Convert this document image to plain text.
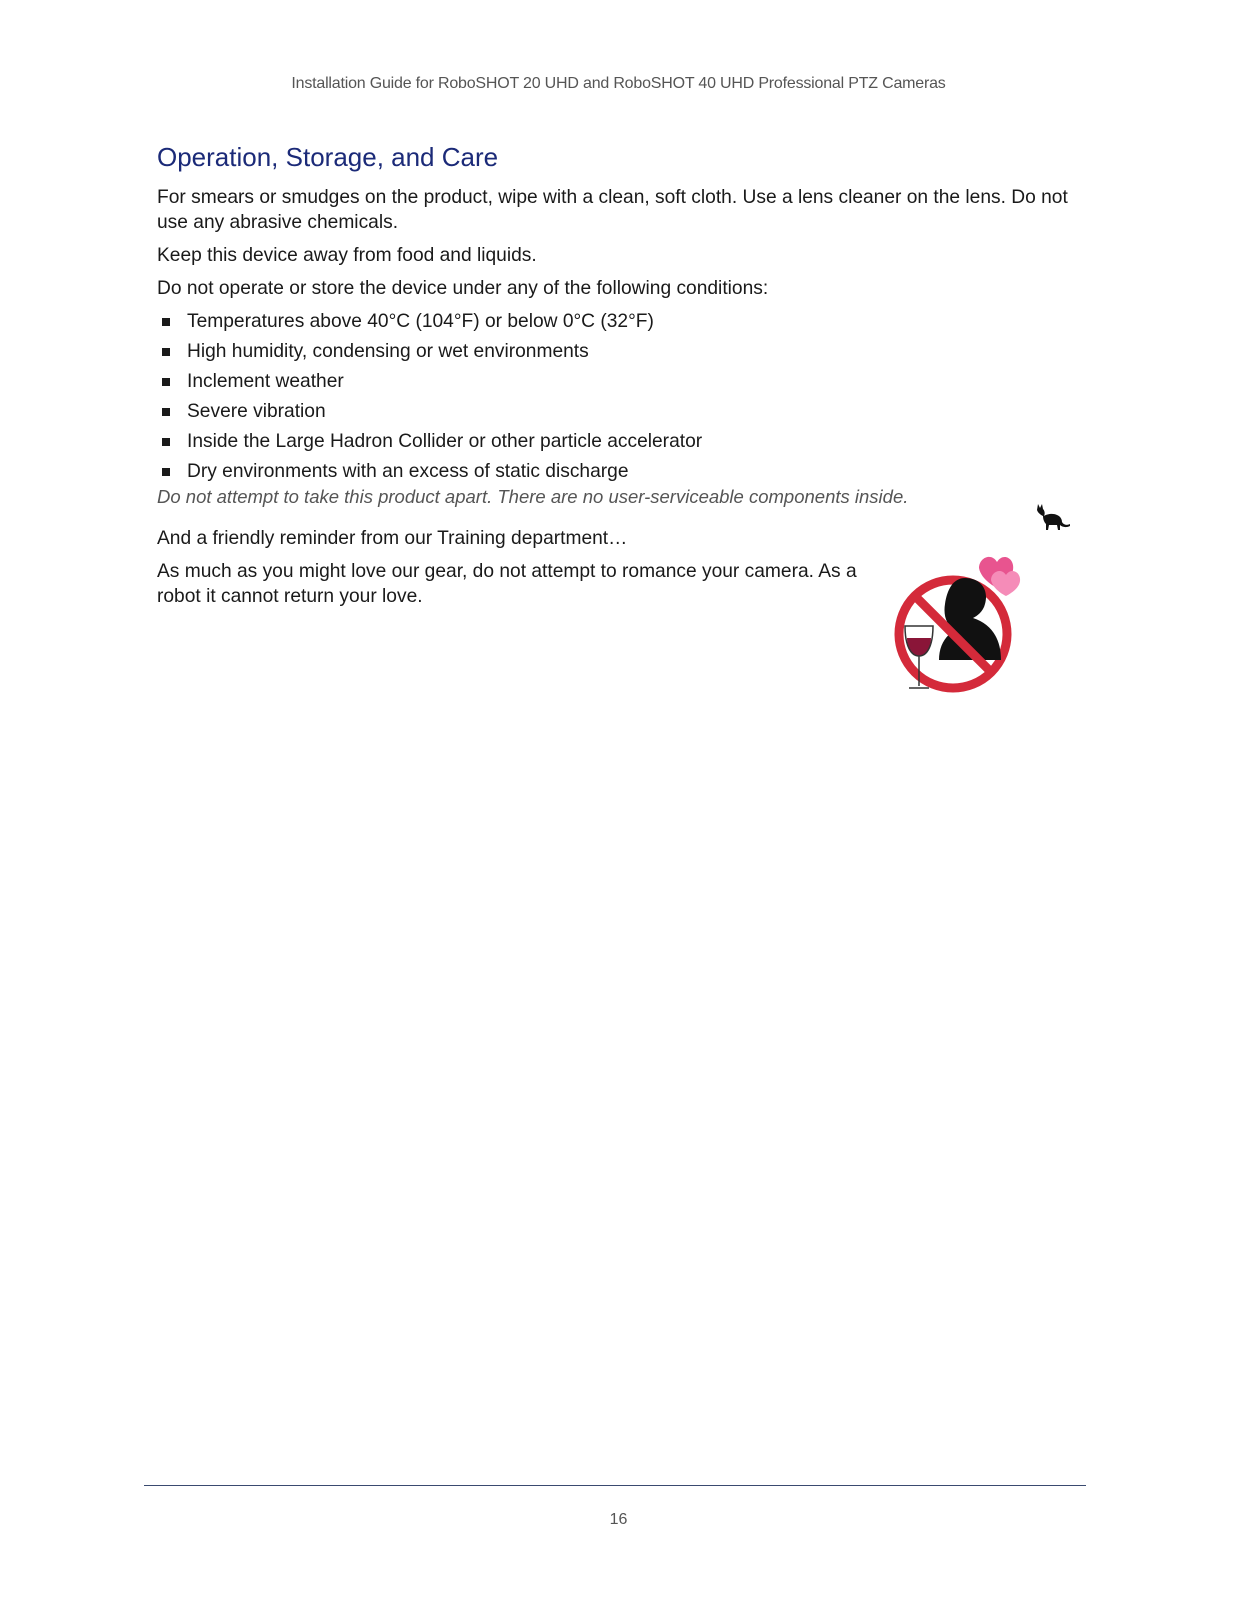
Installation Guide for RoboSHOT 20 UHD and RoboSHOT 40 UHD Professional PTZ Cameras
Operation, Storage, and Care

For smears or smudges on the product, wipe with a clean, soft cloth. Use a lens cleaner on the lens. Do not use any abrasive chemicals.

Keep this device away from food and liquids.

Do not operate or store the device under any of the following conditions:

Temperatures above 40°C (104°F) or below 0°C (32°F)
High humidity, condensing or wet environments
Inclement weather
Severe vibration
Inside the Large Hadron Collider or other particle accelerator
Dry environments with an excess of static discharge

Do not attempt to take this product apart. There are no user-serviceable components inside.

And a friendly reminder from our Training department…

As much as you might love our gear, do not attempt to romance your camera. As a robot it cannot return your love.

16
